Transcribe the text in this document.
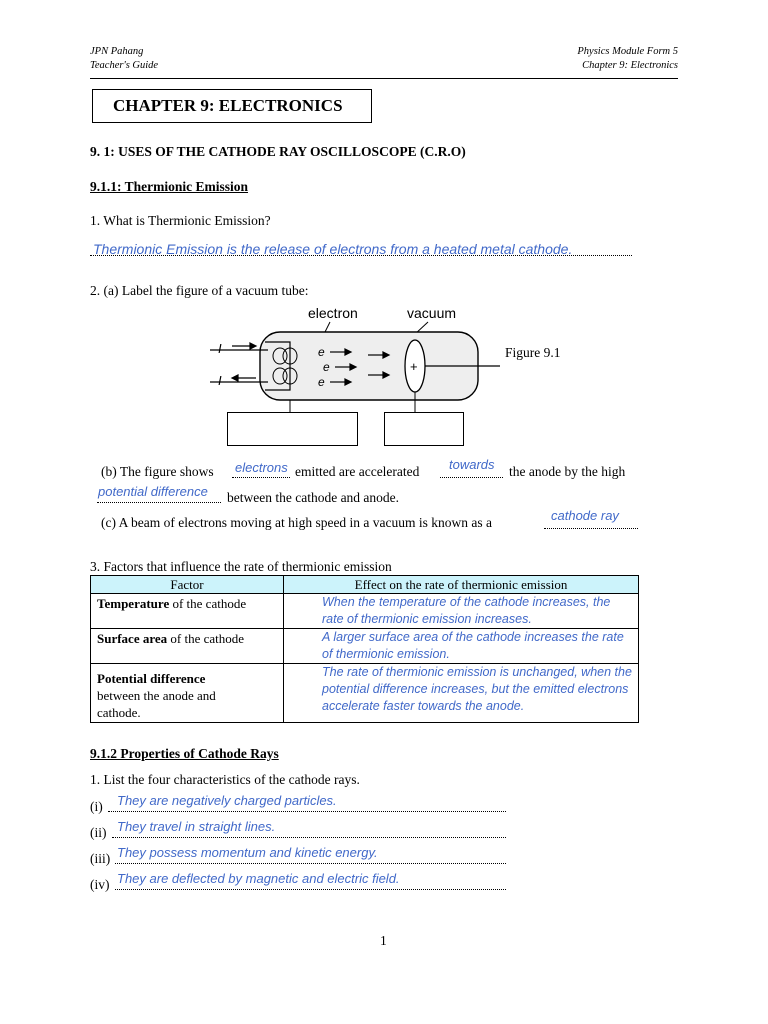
JPN Pahang
Teacher's Guide
Physics Module Form 5
Chapter 9: Electronics
CHAPTER 9: ELECTRONICS
9. 1: USES OF THE CATHODE RAY OSCILLOSCOPE (C.R.O)
9.1.1: Thermionic Emission
1. What is Thermionic Emission?
Thermionic Emission is the release of electrons from a heated metal cathode.
2. (a) Label the figure of a vacuum tube:
electron	vacuum
+
e
e
e
I
I
Figure 9.1
(b) The figure shows electrons emitted are accelerated towards the anode by the high
potential difference between the cathode and anode.
(c) A beam of electrons moving at high speed in a vacuum is known as a	cathode ray
3. Factors that influence the rate of thermionic emission
Factor	Effect on the rate of thermionic emission
Temperature of the cathode	When the temperature of the cathode increases, the rate of thermionic emission increases.
Surface area of the cathode	A larger surface area of the cathode increases the rate of thermionic emission.
Potential difference
between the anode and cathode.	The rate of thermionic emission is unchanged, when the potential difference increases, but the emitted electrons accelerate faster towards the anode.
9.1.2 Properties of Cathode Rays
1. List the four characteristics of the cathode rays.
(i) They are negatively charged particles.
(ii) They travel in straight lines.
(iii) They possess momentum and kinetic energy.
(iv) They are deflected by magnetic and electric field.
1
